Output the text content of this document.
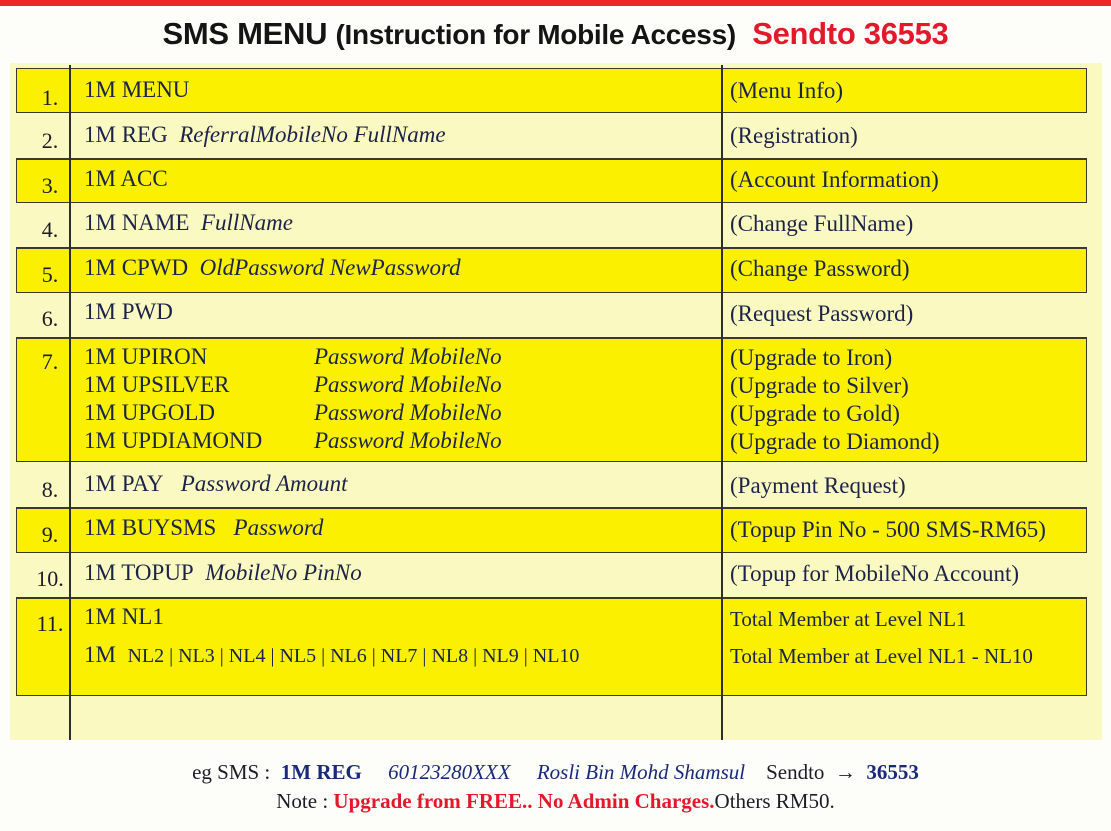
SMS MENU (Instruction for Mobile Access) Sendto 36553
1.	1M MENU	(Menu Info)
2.	1M REG ReferralMobileNo FullName	(Registration)
3.	1M ACC	(Account Information)
4.	1M NAME FullName	(Change FullName)
5.	1M CPWD OldPassword NewPassword	(Change Password)
6.	1M PWD	(Request Password)
7.	1M UPIRON	Password MobileNo	(Upgrade to Iron)
1M UPSILVER	Password MobileNo	(Upgrade to Silver)
1M UPGOLD	Password MobileNo	(Upgrade to Gold)
1M UPDIAMOND Password MobileNo	(Upgrade to Diamond)
8.	1M PAY Password Amount	(Payment Request)
9.	1M BUYSMS Password	(Topup Pin No - 500 SMS-RM65)
10. 1M TOPUP MobileNo PinNo	(Topup for MobileNo Account)
11. 1M NL1	Total Member at Level NL1
1M NL2 | NL3 | NL4 | NL5 | NL6 | NL7 | NL8 | NL9 | NL10	Total Member at Level NL1 - NL10
eg SMS : 1M REG 60123280XXX Rosli Bin Mohd Shamsul Sendto → 36553
Note : Upgrade from FREE.. No Admin Charges.Others RM50.
